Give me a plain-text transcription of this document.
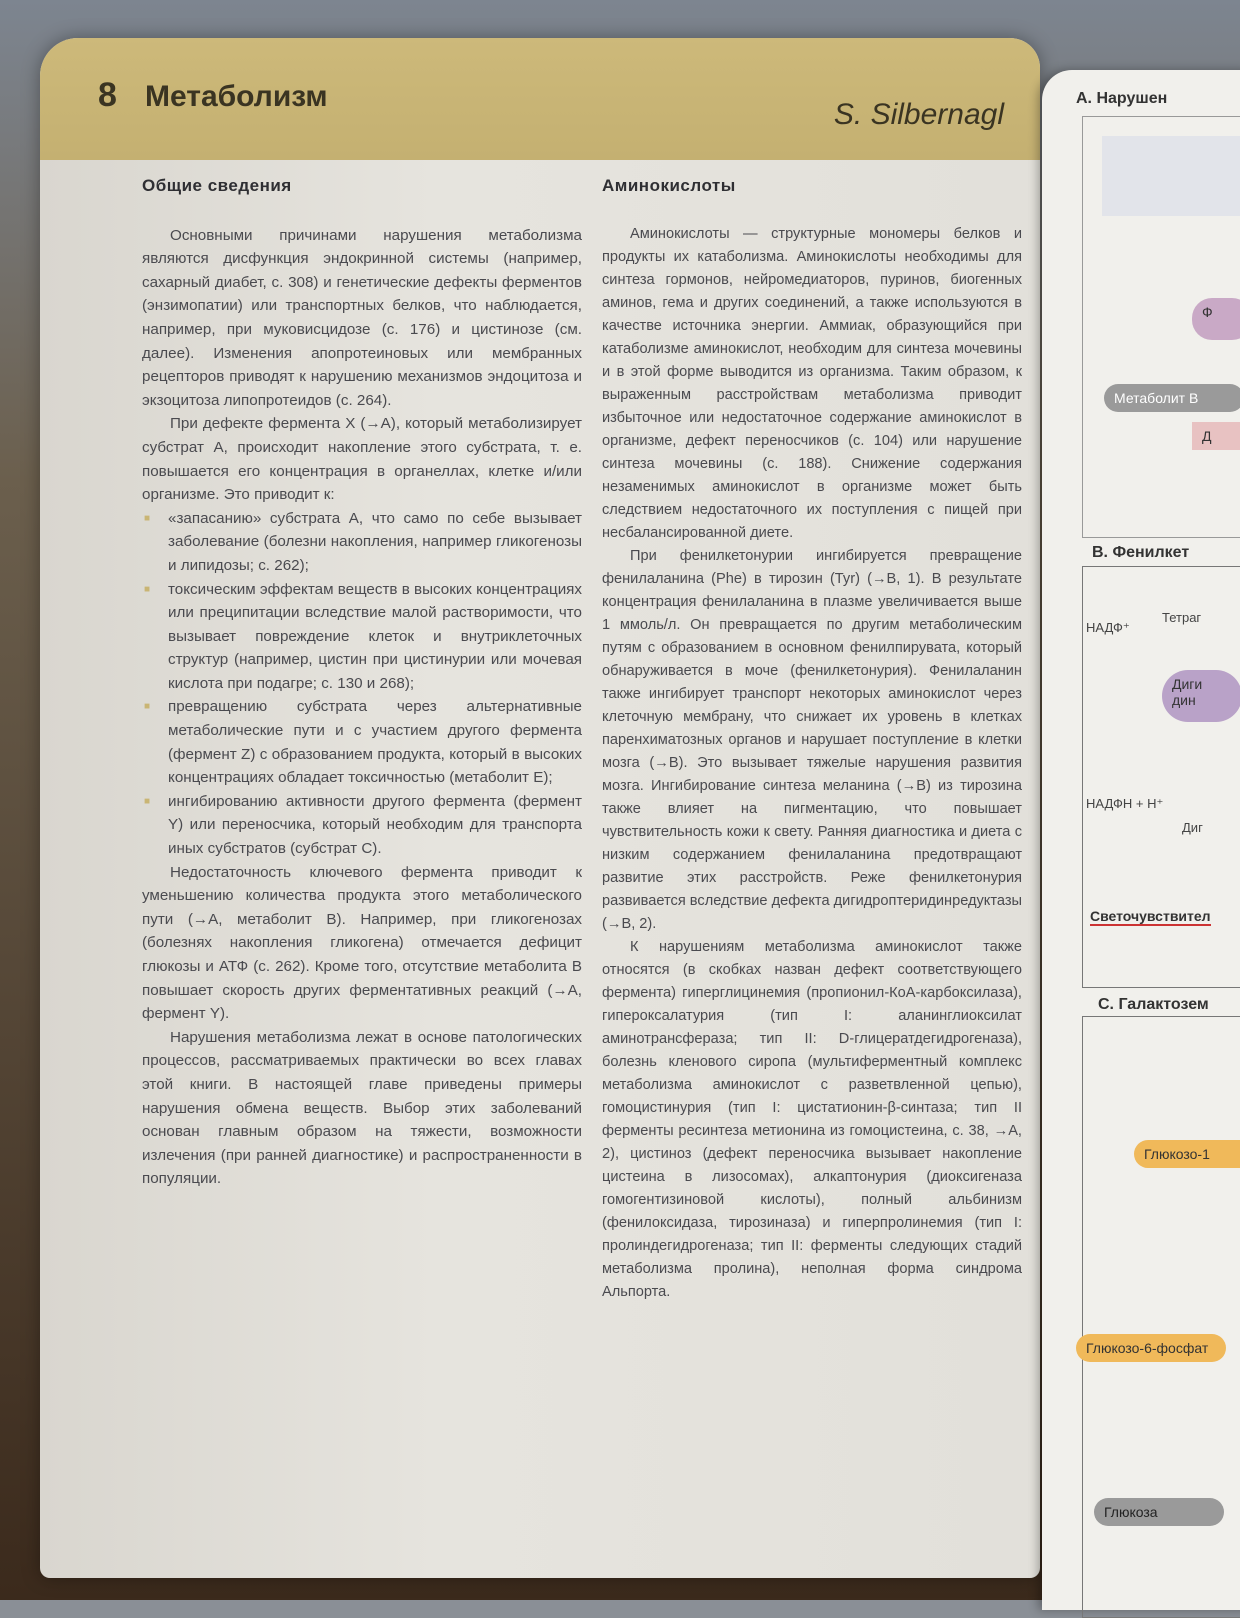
8 Метаболизм
S. Silbernagl
Общие сведения

Основными причинами нарушения метаболизма являются дисфункция эндокринной системы (например, сахарный диабет, с. 308) и генетические дефекты ферментов (энзимопатии) или транспортных белков, что наблюдается, например, при муковисцидозе (с. 176) и цистинозе (см. далее). Изменения апопротеиновых или мембранных рецепторов приводят к нарушению механизмов эндоцитоза и экзоцитоза липопротеидов (с. 264).

При дефекте фермента Х (→А), который метаболизирует субстрат А, происходит накопление этого субстрата, т. е. повышается его концентрация в органеллах, клетке и/или организме. Это приводит к:

■ «запасанию» субстрата А, что само по себе вызывает заболевание (болезни накопления, например гликогенозы и липидозы; с. 262);
■ токсическим эффектам веществ в высоких концентрациях или преципитации вследствие малой растворимости, что вызывает повреждение клеток и внутриклеточных структур (например, цистин при цистинурии или мочевая кислота при подагре; с. 130 и 268);
■ превращению субстрата через альтернативные метаболические пути и с участием другого фермента (фермент Z) с образованием продукта, который в высоких концентрациях обладает токсичностью (метаболит Е);
■ ингибированию активности другого фермента (фермент Y) или переносчика, который необходим для транспорта иных субстратов (субстрат С).

Недостаточность ключевого фермента приводит к уменьшению количества продукта этого метаболического пути (→А, метаболит В). Например, при гликогенозах (болезнях накопления гликогена) отмечается дефицит глюкозы и АТФ (с. 262). Кроме того, отсутствие метаболита В повышает скорость других ферментативных реакций (→А, фермент Y).

Нарушения метаболизма лежат в основе патологических процессов, рассматриваемых практически во всех главах этой книги. В настоящей главе приведены примеры нарушения обмена веществ. Выбор этих заболеваний основан главным образом на тяжести, возможности излечения (при ранней диагностике) и распространенности в популяции.

Аминокислоты

Аминокислоты — структурные мономеры белков и продукты их катаболизма. Аминокислоты необходимы для синтеза гормонов, нейромедиаторов, пуринов, биогенных аминов, гема и других соединений, а также используются в качестве источника энергии. Аммиак, образующийся при катаболизме аминокислот, необходим для синтеза мочевины и в этой форме выводится из организма. Таким образом, к выраженным расстройствам метаболизма приводит избыточное или недостаточное содержание аминокислот в организме, дефект переносчиков (с. 104) или нарушение синтеза мочевины (с. 188). Снижение содержания незаменимых аминокислот в организме может быть следствием недостаточного их поступления с пищей при несбалансированной диете.

При фенилкетонурии ингибируется превращение фенилаланина (Phe) в тирозин (Tyr) (→В, 1). В результате концентрация фенилаланина в плазме увеличивается выше 1 ммоль/л. Он превращается по другим метаболическим путям с образованием в основном фенилпирувата, который обнаруживается в моче (фенилкетонурия). Фенилаланин также ингибирует транспорт некоторых аминокислот через клеточную мембрану, что снижает их уровень в клетках паренхиматозных органов и нарушает поступление в клетки мозга (→В). Это вызывает тяжелые нарушения развития мозга. Ингибирование синтеза меланина (→В) из тирозина также влияет на пигментацию, что повышает чувствительность кожи к свету. Ранняя диагностика и диета с низким содержанием фенилаланина предотвращают развитие этих расстройств. Реже фенилкетонурия развивается вследствие дефекта дигидроптеридинредуктазы (→В, 2).

К нарушениям метаболизма аминокислот также относятся (в скобках назван дефект соответствующего фермента) гиперглицинемия (пропионил-КоА-карбоксилаза), гипероксалатурия (тип I: аланинглиоксилат аминотрансфераза; тип II: D-глицератдегидрогеназа), болезнь кленового сиропа (мультиферментный комплекс метаболизма аминокислот с разветвленной цепью), гомоцистинурия (тип I: цистатионин-β-синтаза; тип II ферменты ресинтеза метионина из гомоцистеина, с. 38, →А, 2), цистиноз (дефект переносчика вызывает накопление цистеина в лизосомах), алкаптонурия (диоксигеназа гомогентизиновой кислоты), полный альбинизм (фенилоксидаза, тирозиназа) и гиперпролинемия (тип I: пролиндегидрогеназа; тип II: ферменты следующих стадий метаболизма пролина), неполная форма синдрома Альпорта.

А. Нарушен
Ф
Метаболит В
Д
В. Фенилкет
НАДФ⁺
Тетраг
Диги
дин
НАДФН + Н⁺
Диг
Светочувствител
С. Галактозем
Глюкозо-1
Глюкозо-6-фосфат
Глюкоза
